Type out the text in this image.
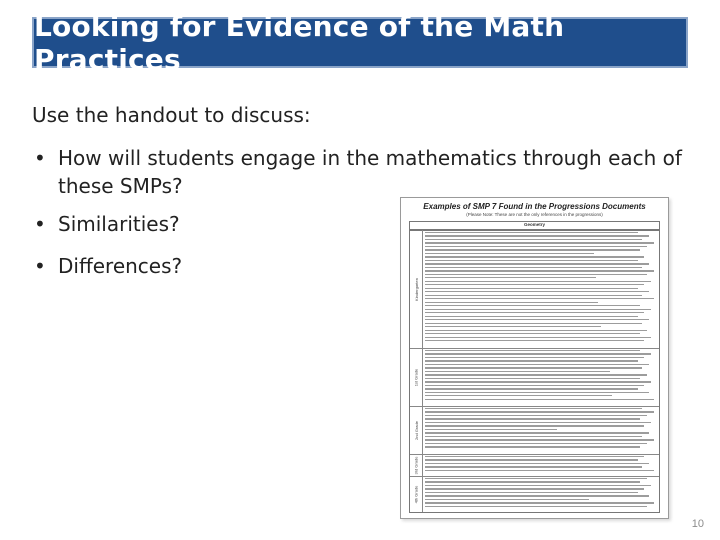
Looking for Evidence of the Math Practices
Use the handout to discuss:
• How will students engage in the mathematics through each of these SMPs?
• Similarities?
• Differences?
Examples of SMP 7 Found in the Progressions Documents
(Please Note: These are not the only references in the progressions)
Geometry
Kindergarten
1st Grade
2nd Grade
3rd Grade
4th Grade
10
